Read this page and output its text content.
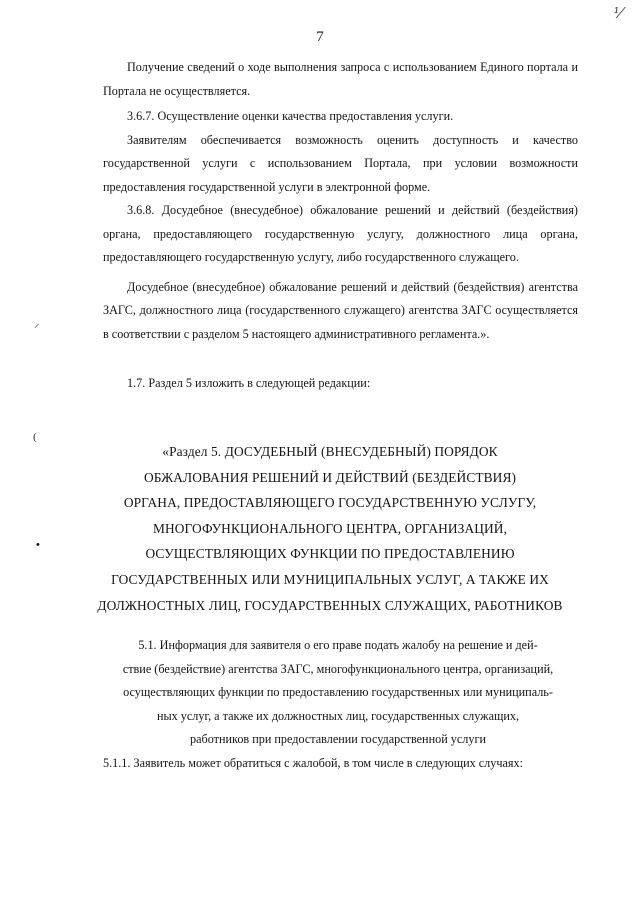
⅟
7

Получение сведений о ходе выполнения запроса с использованием Единого портала и Портала не осуществляется.

3.6.7. Осуществление оценки качества предоставления услуги.

Заявителям обеспечивается возможность оценить доступность и качество государственной услуги с использованием Портала, при условии возможности предоставления государственной услуги в электронной форме.

3.6.8. Досудебное (внесудебное) обжалование решений и действий (бездействия) органа, предоставляющего государственную услугу, должностного лица органа, предоставляющего государственную услугу, либо государственного служащего.

Досудебное (внесудебное) обжалование решений и действий (бездействия) агентства ЗАГС, должностного лица (государственного служащего) агентства ЗАГС осуществляется в соответствии с разделом 5 настоящего административного регламента.».

1.7. Раздел 5 изложить в следующей редакции:

«Раздел 5. ДОСУДЕБНЫЙ (ВНЕСУДЕБНЫЙ) ПОРЯДОК
ОБЖАЛОВАНИЯ РЕШЕНИЙ И ДЕЙСТВИЙ (БЕЗДЕЙСТВИЯ)
ОРГАНА, ПРЕДОСТАВЛЯЮЩЕГО ГОСУДАРСТВЕННУЮ УСЛУГУ,
МНОГОФУНКЦИОНАЛЬНОГО ЦЕНТРА, ОРГАНИЗАЦИЙ,
ОСУЩЕСТВЛЯЮЩИХ ФУНКЦИИ ПО ПРЕДОСТАВЛЕНИЮ
ГОСУДАРСТВЕННЫХ ИЛИ МУНИЦИПАЛЬНЫХ УСЛУГ, А ТАКЖЕ ИХ
ДОЛЖНОСТНЫХ ЛИЦ, ГОСУДАРСТВЕННЫХ СЛУЖАЩИХ, РАБОТНИКОВ
5.1. Информация для заявителя о его праве подать жалобу на решение и дей-
ствие (бездействие) агентства ЗАГС, многофункционального центра, организаций,
осуществляющих функции по предоставлению государственных или муниципаль-
ных услуг, а также их должностных лиц, государственных служащих,
работников при предоставлении государственной услуги

5.1.1. Заявитель может обратиться с жалобой, в том числе в следующих случаях:

⸝
(
•
